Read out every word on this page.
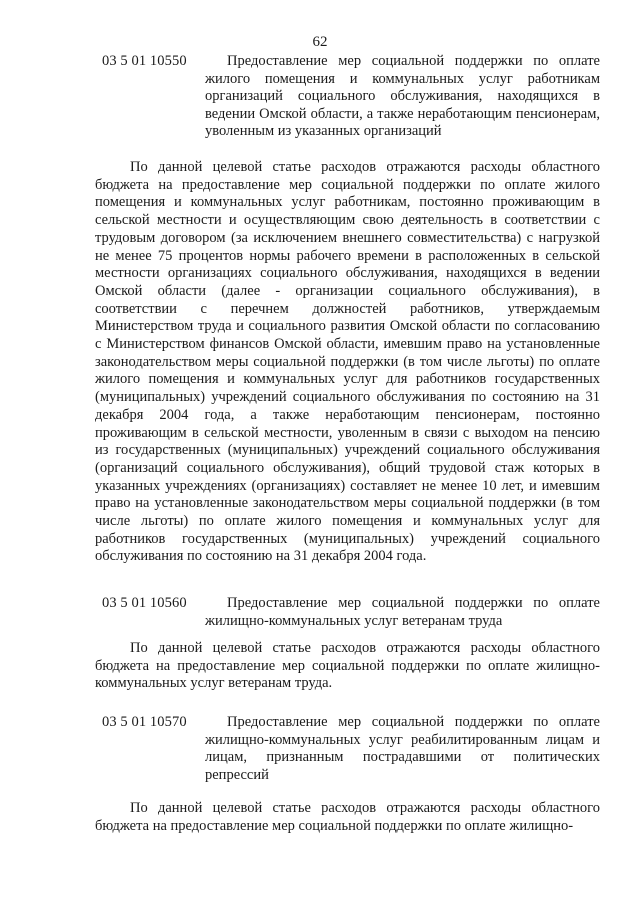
62
03 5 01 10550	Предоставление мер социальной поддержки по оплате жилого помещения и коммунальных услуг работникам организаций социального обслуживания, находящихся в ведении Омской области, а также неработающим пенсионерам, уволенным из указанных организаций

По данной целевой статье расходов отражаются расходы областного бюджета на предоставление мер социальной поддержки по оплате жилого помещения и коммунальных услуг работникам, постоянно проживающим в сельской местности и осуществляющим свою деятельность в соответствии с трудовым договором (за исключением внешнего совместительства) с нагрузкой не менее 75 процентов нормы рабочего времени в расположенных в сельской местности организациях социального обслуживания, находящихся в ведении Омской области (далее - организации социального обслуживания), в соответствии с перечнем должностей работников, утверждаемым Министерством труда и социального развития Омской области по согласованию с Министерством финансов Омской области, имевшим право на установленные законодательством меры социальной поддержки (в том числе льготы) по оплате жилого помещения и коммунальных услуг для работников государственных (муниципальных) учреждений социального обслуживания по состоянию на 31 декабря 2004 года, а также неработающим пенсионерам, постоянно проживающим в сельской местности, уволенным в связи с выходом на пенсию из государственных (муниципальных) учреждений социального обслуживания (организаций социального обслуживания), общий трудовой стаж которых в указанных учреждениях (организациях) составляет не менее 10 лет, и имевшим право на установленные законодательством меры социальной поддержки (в том числе льготы) по оплате жилого помещения и коммунальных услуг для работников государственных (муниципальных) учреждений социального обслуживания по состоянию на 31 декабря 2004 года.

03 5 01 10560	Предоставление мер социальной поддержки по оплате жилищно-коммунальных услуг ветеранам труда

По данной целевой статье расходов отражаются расходы областного бюджета на предоставление мер социальной поддержки по оплате жилищно-коммунальных услуг ветеранам труда.

03 5 01 10570	Предоставление мер социальной поддержки по оплате жилищно-коммунальных услуг реабилитированным лицам и лицам, признанным пострадавшими от политических репрессий

По данной целевой статье расходов отражаются расходы областного бюджета на предоставление мер социальной поддержки по оплате жилищно-
